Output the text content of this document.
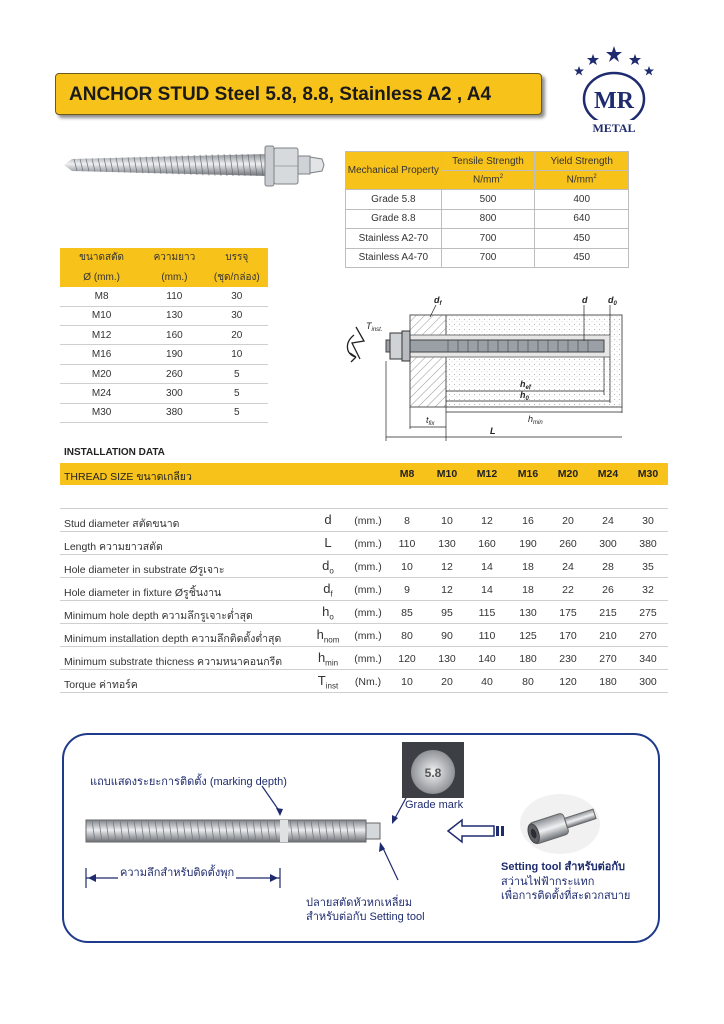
ANCHOR STUD Steel 5.8, 8.8, Stainless A2 , A4	MR
METAL
Mechanical Property	Tensile Strength	Yield Strength
	$N/mm^2$	$N/mm^2$
Grade 5.8	500	400
Grade 8.8	800	640
Stainless A2-70	700	450
Stainless A4-70	700	450
ขนาดสตัด	ความยาว	บรรจุ
Ø (mm.)	(mm.)	(ชุด/กล่อง)
M8	110	30
M10	130	30
M12	160	20
M16	190	10
M20	260	5
M24	300	5
M30	380	5
$T_{inst.}$
$d_f$	d $d_0$
$h_{ef}$
$h_0$
$h_{min}$
$t_{fix}$
L
INSTALLATION DATA
THREAD SIZE ขนาดเกลียว	M8	M10	M12	M16	M20	M24	M30
Stud diameter สตัดขนาด	d	(mm.)	8	10	12	16	20	24	30
Length ความยาวสตัด	L	(mm.)	110	130	160	190	260	300	380
Hole diameter in substrate Øรูเจาะ	$d_o$	(mm.)	10	12	14	18	24	28	35
Hole diameter in fixture Øรูชิ้นงาน	$d_f$	(mm.)	9	12	14	18	22	26	32
Minimum hole depth ความลึกรูเจาะต่ำสุด	$h_o$	(mm.)	85	95	115	130	175	215	275
Minimum installation depth ความลึกติดตั้งต่ำสุด	$h_{nom}$	(mm.)	80	90	110	125	170	210	270
Minimum substrate thicness ความหนาคอนกรีต	$h_{min}$	(mm.)	120	130	140	180	230	270	340
Torque ค่าทอร์ค	$T_{inst}$	(Nm.)	10	20	40	80	120	180	300
แถบแสดงระยะการติดตั้ง (marking depth)
ความลึกสำหรับติดตั้งพุก
ปลายสตัดหัวหกเหลี่ยม
สำหรับต่อกับ Setting tool
5.8
Grade mark
Setting tool สำหรับต่อกับ
สว่านไฟฟ้ากระแทก
เพื่อการติดตั้งที่สะดวกสบาย
